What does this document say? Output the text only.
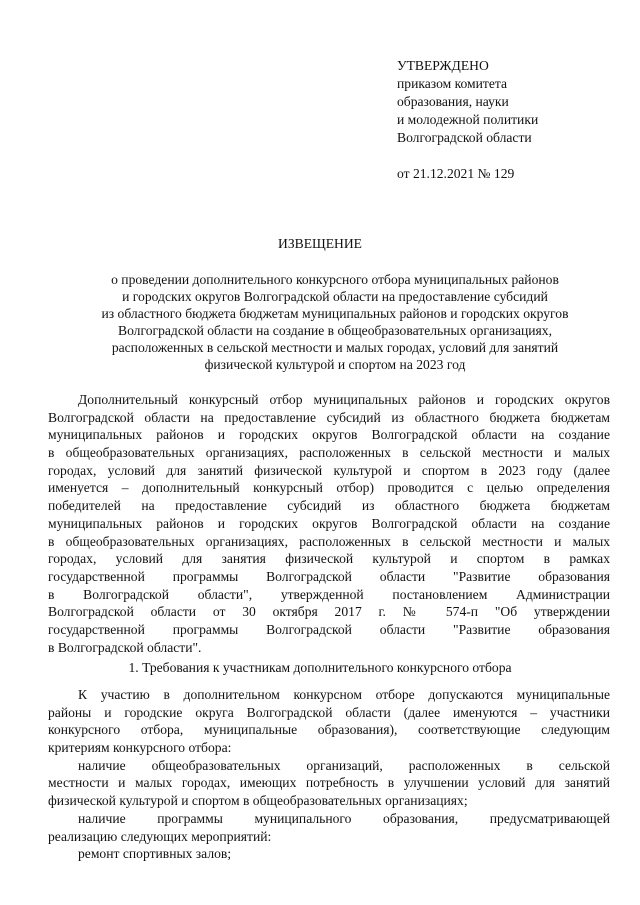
УТВЕРЖДЕНО
приказом комитета
образования, науки
и молодежной политики
Волгоградской области
от 21.12.2021 № 129
ИЗВЕЩЕНИЕ
о проведении дополнительного конкурсного отбора муниципальных районов
и городских округов Волгоградской области на предоставление субсидий
из областного бюджета бюджетам муниципальных районов и городских округов
Волгоградской области на создание в общеобразовательных организациях,
расположенных в сельской местности и малых городах, условий для занятий
физической культурой и спортом на 2023 год
Дополнительный конкурсный отбор муниципальных районов и городских округов
Волгоградской области на предоставление субсидий из областного бюджета бюджетам
муниципальных районов и городских округов Волгоградской области на создание
в общеобразовательных организациях, расположенных в сельской местности и малых
городах, условий для занятий физической культурой и спортом в 2023 году (далее
именуется – дополнительный конкурсный отбор) проводится с целью определения
победителей на предоставление субсидий из областного бюджета бюджетам
муниципальных районов и городских округов Волгоградской области на создание
в общеобразовательных организациях, расположенных в сельской местности и малых
городах, условий для занятия физической культурой и спортом в рамках
государственной программы Волгоградской области "Развитие образования
в Волгоградской области", утвержденной постановлением Администрации
Волгоградской области от 30 октября 2017 г. № 574-п "Об утверждении
государственной программы Волгоградской области "Развитие образования
в Волгоградской области".
1. Требования к участникам дополнительного конкурсного отбора
К участию в дополнительном конкурсном отборе допускаются муниципальные
районы и городские округа Волгоградской области (далее именуются – участники
конкурсного отбора, муниципальные образования), соответствующие следующим
критериям конкурсного отбора:
наличие общеобразовательных организаций, расположенных в сельской
местности и малых городах, имеющих потребность в улучшении условий для занятий
физической культурой и спортом в общеобразовательных организациях;
наличие программы муниципального образования, предусматривающей
реализацию следующих мероприятий:
ремонт спортивных залов;
